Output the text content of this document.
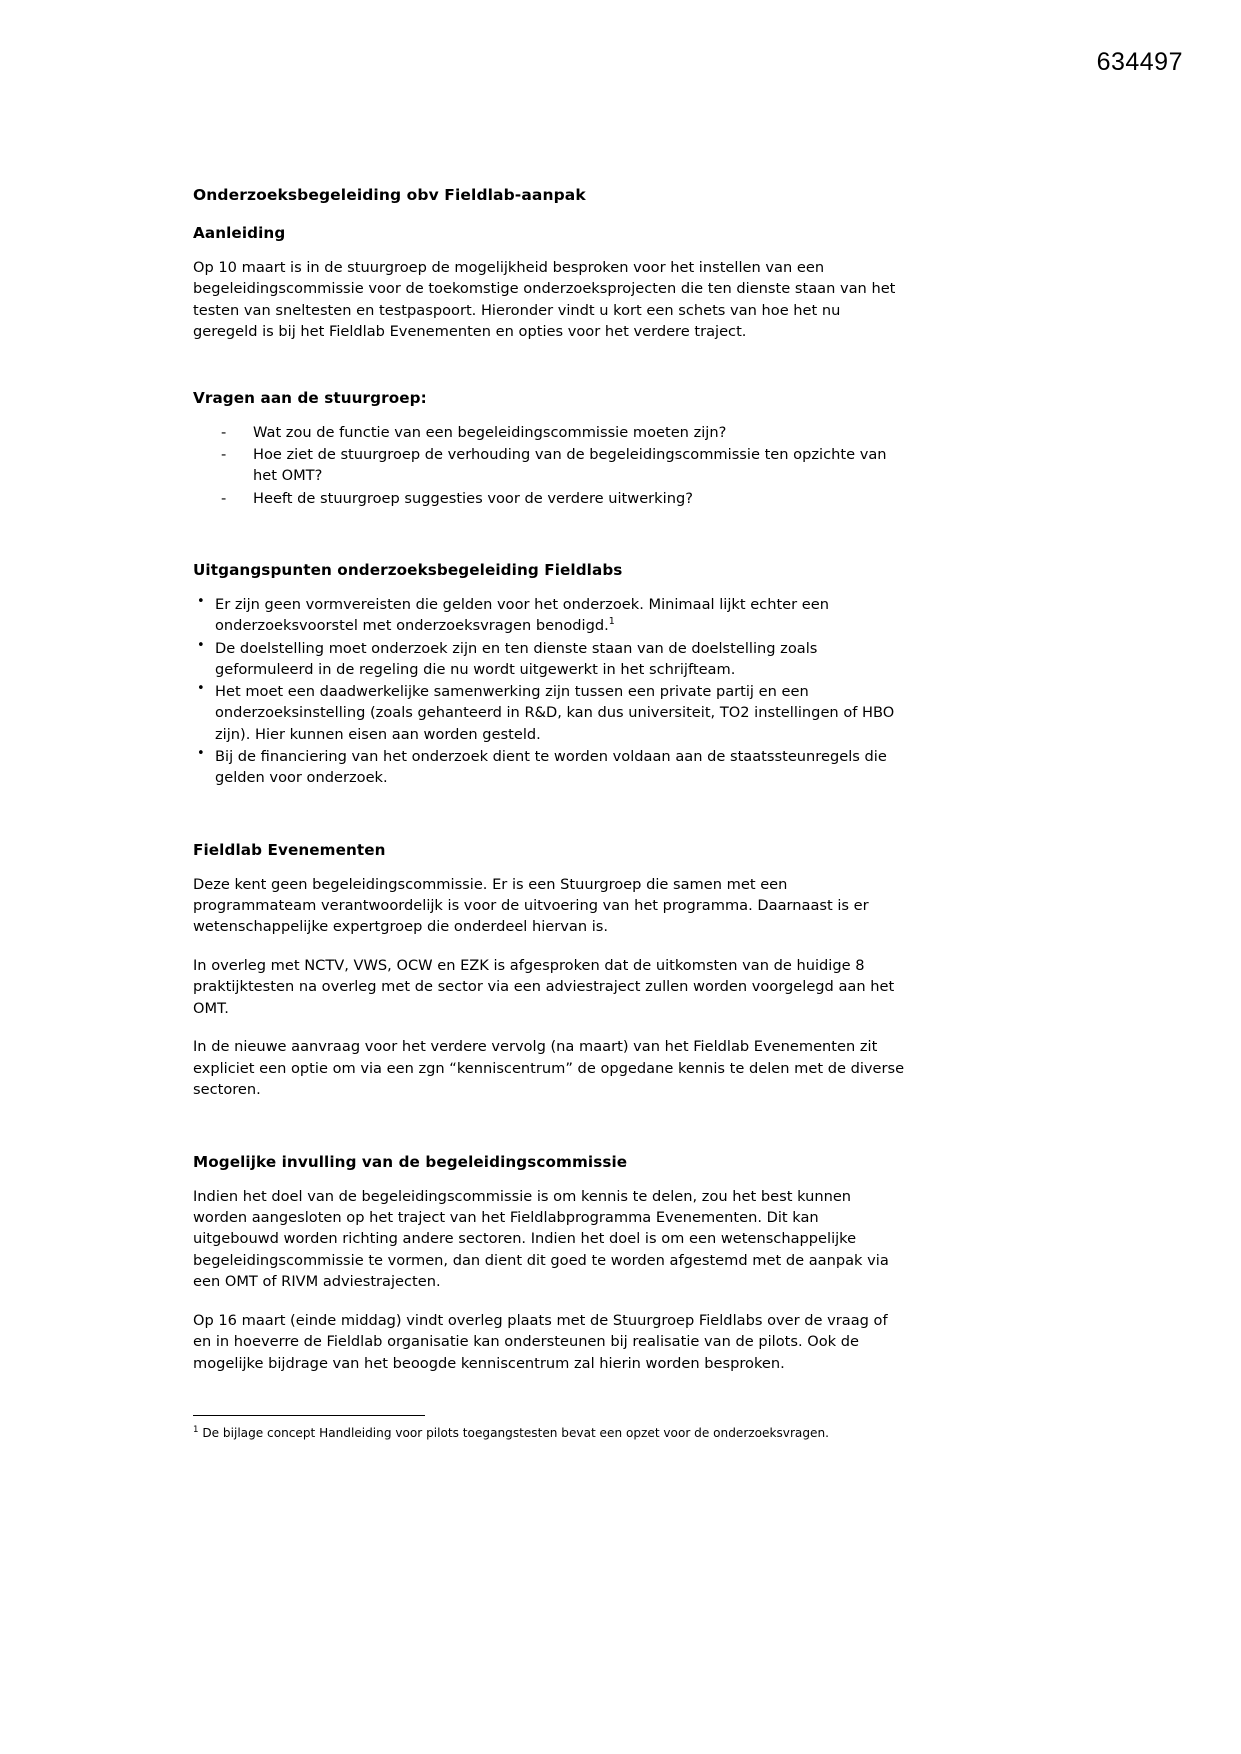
634497
Onderzoeksbegeleiding obv Fieldlab-aanpak
Aanleiding

Op 10 maart is in de stuurgroep de mogelijkheid besproken voor het instellen van een begeleidingscommissie voor de toekomstige onderzoeksprojecten die ten dienste staan van het testen van sneltesten en testpaspoort. Hieronder vindt u kort een schets van hoe het nu geregeld is bij het Fieldlab Evenementen en opties voor het verdere traject.

Vragen aan de stuurgroep:
- Wat zou de functie van een begeleidingscommissie moeten zijn?
- Hoe ziet de stuurgroep de verhouding van de begeleidingscommissie ten opzichte van het OMT?
- Heeft de stuurgroep suggesties voor de verdere uitwerking?
Uitgangspunten onderzoeksbegeleiding Fieldlabs
• Er zijn geen vormvereisten die gelden voor het onderzoek. Minimaal lijkt echter een onderzoeksvoorstel met onderzoeksvragen benodigd.$^1$
• De doelstelling moet onderzoek zijn en ten dienste staan van de doelstelling zoals geformuleerd in de regeling die nu wordt uitgewerkt in het schrijfteam.
• Het moet een daadwerkelijke samenwerking zijn tussen een private partij en een onderzoeksinstelling (zoals gehanteerd in R&D, kan dus universiteit, TO2 instellingen of HBO zijn). Hier kunnen eisen aan worden gesteld.
• Bij de financiering van het onderzoek dient te worden voldaan aan de staatssteunregels die gelden voor onderzoek.
Fieldlab Evenementen

Deze kent geen begeleidingscommissie. Er is een Stuurgroep die samen met een programmateam verantwoordelijk is voor de uitvoering van het programma. Daarnaast is er wetenschappelijke expertgroep die onderdeel hiervan is.

In overleg met NCTV, VWS, OCW en EZK is afgesproken dat de uitkomsten van de huidige 8 praktijktesten na overleg met de sector via een adviestraject zullen worden voorgelegd aan het OMT.

In de nieuwe aanvraag voor het verdere vervolg (na maart) van het Fieldlab Evenementen zit expliciet een optie om via een zgn “kenniscentrum” de opgedane kennis te delen met de diverse sectoren.

Mogelijke invulling van de begeleidingscommissie

Indien het doel van de begeleidingscommissie is om kennis te delen, zou het best kunnen worden aangesloten op het traject van het Fieldlabprogramma Evenementen. Dit kan uitgebouwd worden richting andere sectoren. Indien het doel is om een wetenschappelijke begeleidingscommissie te vormen, dan dient dit goed te worden afgestemd met de aanpak via een OMT of RIVM adviestrajecten.

Op 16 maart (einde middag) vindt overleg plaats met de Stuurgroep Fieldlabs over de vraag of en in hoeverre de Fieldlab organisatie kan ondersteunen bij realisatie van de pilots. Ook de mogelijke bijdrage van het beoogde kenniscentrum zal hierin worden besproken.

$^1$ De bijlage concept Handleiding voor pilots toegangstesten bevat een opzet voor de onderzoeksvragen.
